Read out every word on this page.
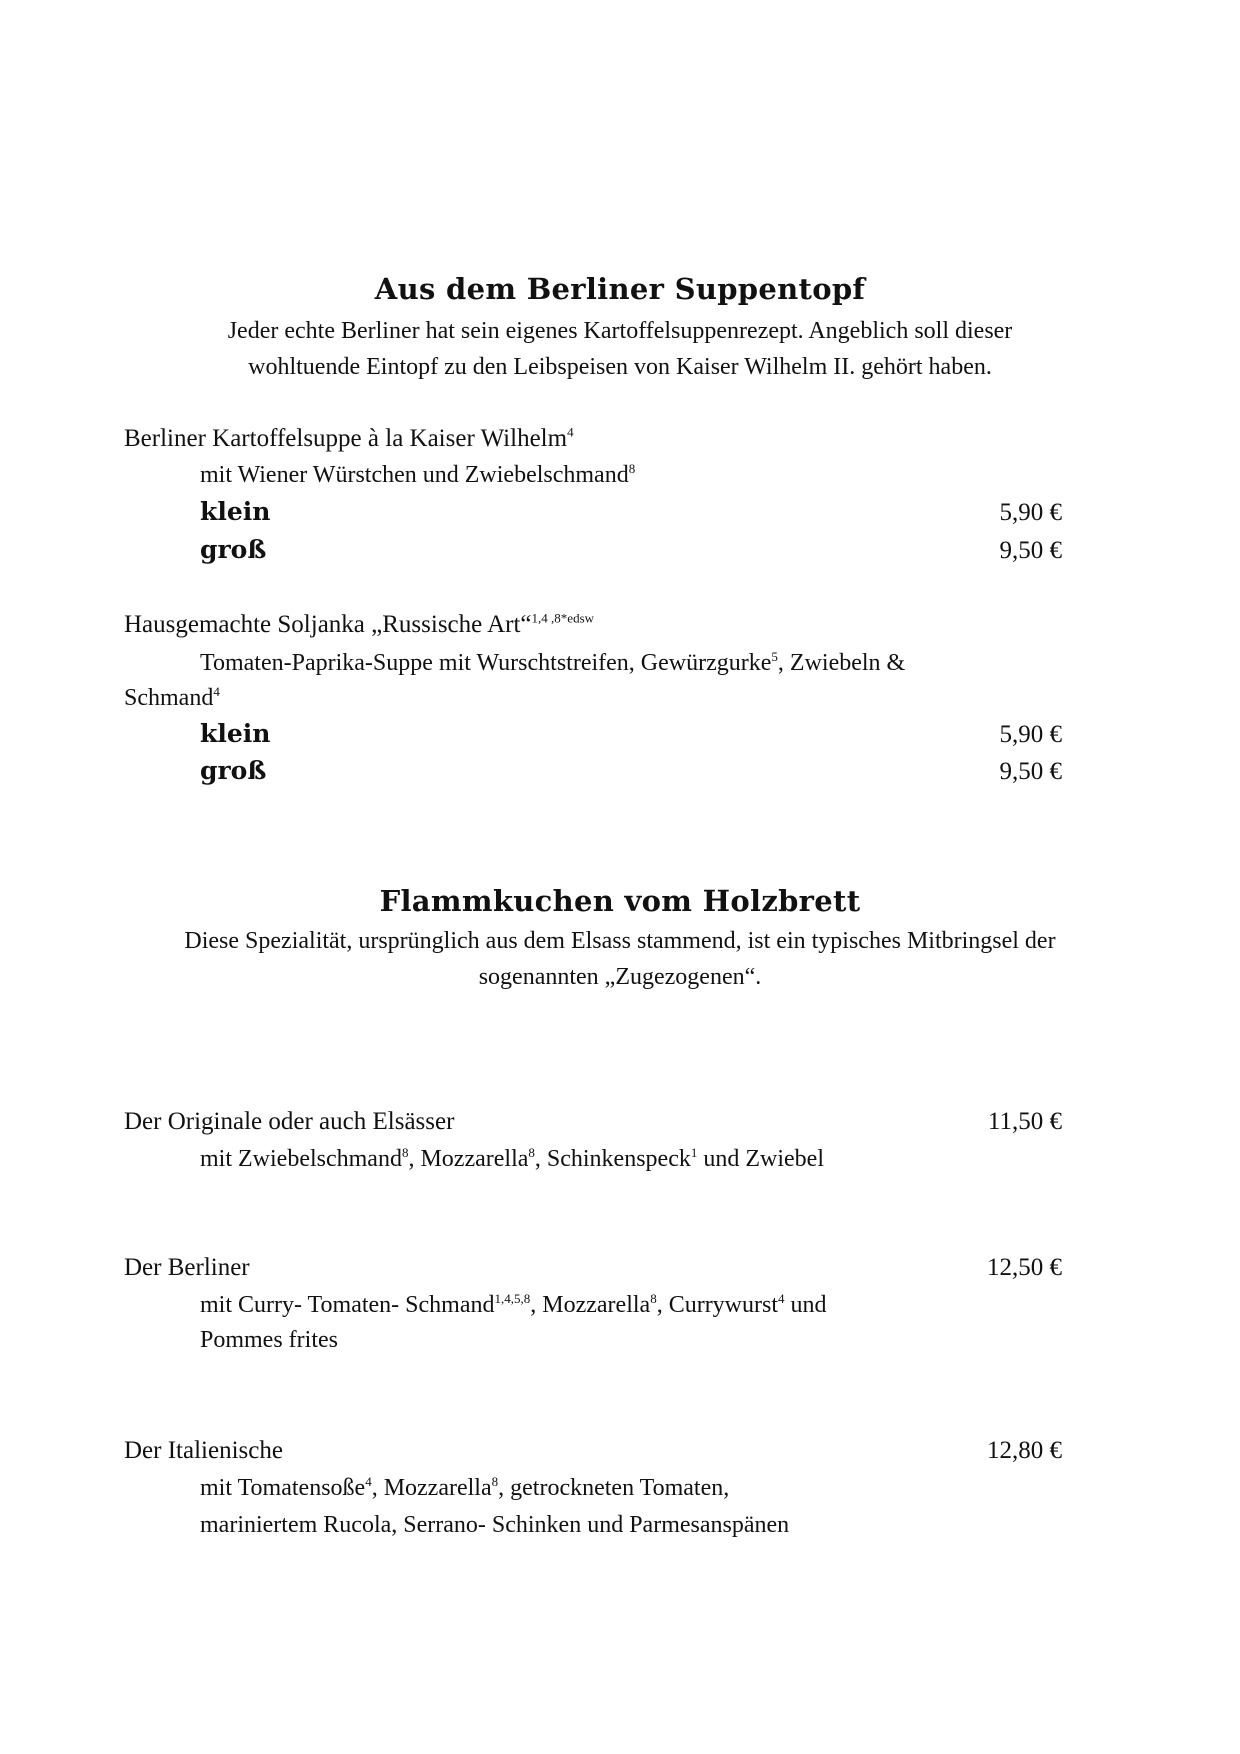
Aus dem Berliner Suppentopf
Jeder echte Berliner hat sein eigenes Kartoffelsuppenrezept. Angeblich soll dieser
wohltuende Eintopf zu den Leibspeisen von Kaiser Wilhelm II. gehört haben.
Berliner Kartoffelsuppe à la Kaiser Wilhelm$^4$
mit Wiener Würstchen und Zwiebelschmand$^8$
klein	5,90 €
groß	9,50 €
Hausgemachte Soljanka „Russische Art“$^{1,4 ,8*edsw}$
Tomaten-Paprika-Suppe mit Wurschtstreifen, Gewürzgurke$^5$, Zwiebeln &
Schmand$^4$
klein	5,90 €
groß	9,50 €
Flammkuchen vom Holzbrett
Diese Spezialität, ursprünglich aus dem Elsass stammend, ist ein typisches Mitbringsel der
sogenannten „Zugezogenen“.
Der Originale oder auch Elsässer	11,50 €
mit Zwiebelschmand$^8$, Mozzarella$^8$, Schinkenspeck$^1$ und Zwiebel
Der Berliner	12,50 €
mit Curry- Tomaten- Schmand$^{1,4,5,8}$, Mozzarella$^8$, Currywurst$^4$ und
Pommes frites
Der Italienische	12,80 €
mit Tomatensoße$^4$, Mozzarella$^8$, getrockneten Tomaten,
mariniertem Rucola, Serrano- Schinken und Parmesanspänen
